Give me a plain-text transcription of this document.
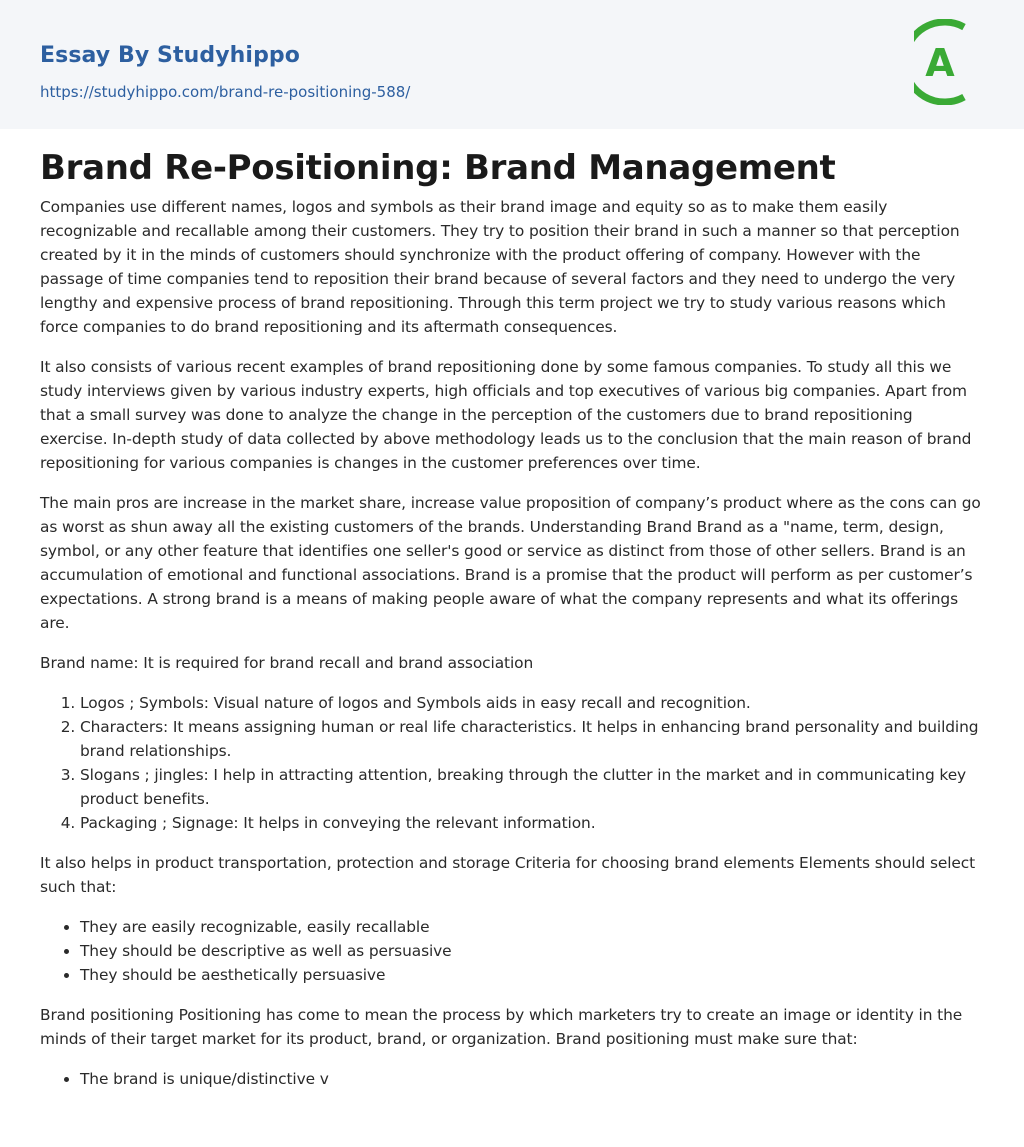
Essay By Studyhippo
https://studyhippo.com/brand-re-positioning-588/
A
Brand Re-Positioning: Brand Management

Companies use different names, logos and symbols as their brand image and equity so as to make them easily recognizable and recallable among their customers. They try to position their brand in such a manner so that perception created by it in the minds of customers should synchronize with the product offering of company. However with the passage of time companies tend to reposition their brand because of several factors and they need to undergo the very lengthy and expensive process of brand repositioning. Through this term project we try to study various reasons which force companies to do brand repositioning and its aftermath consequences.

It also consists of various recent examples of brand repositioning done by some famous companies. To study all this we study interviews given by various industry experts, high officials and top executives of various big companies. Apart from that a small survey was done to analyze the change in the perception of the customers due to brand repositioning exercise. In-depth study of data collected by above methodology leads us to the conclusion that the main reason of brand repositioning for various companies is changes in the customer preferences over time.

The main pros are increase in the market share, increase value proposition of company’s product where as the cons can go as worst as shun away all the existing customers of the brands. Understanding Brand Brand as a "name, term, design, symbol, or any other feature that identifies one seller's good or service as distinct from those of other sellers. Brand is an accumulation of emotional and functional associations. Brand is a promise that the product will perform as per customer’s expectations. A strong brand is a means of making people aware of what the company represents and what its offerings are.

Brand name: It is required for brand recall and brand association

1. Logos ; Symbols: Visual nature of logos and Symbols aids in easy recall and recognition.
2. Characters: It means assigning human or real life characteristics. It helps in enhancing brand personality and building brand relationships.
3. Slogans ; jingles: I help in attracting attention, breaking through the clutter in the market and in communicating key product benefits.
4. Packaging ; Signage: It helps in conveying the relevant information.

It also helps in product transportation, protection and storage Criteria for choosing brand elements Elements should select such that:

• They are easily recognizable, easily recallable
• They should be descriptive as well as persuasive
• They should be aesthetically persuasive

Brand positioning Positioning has come to mean the process by which marketers try to create an image or identity in the minds of their target market for its product, brand, or organization. Brand positioning must make sure that:

• The brand is unique/distinctive v
